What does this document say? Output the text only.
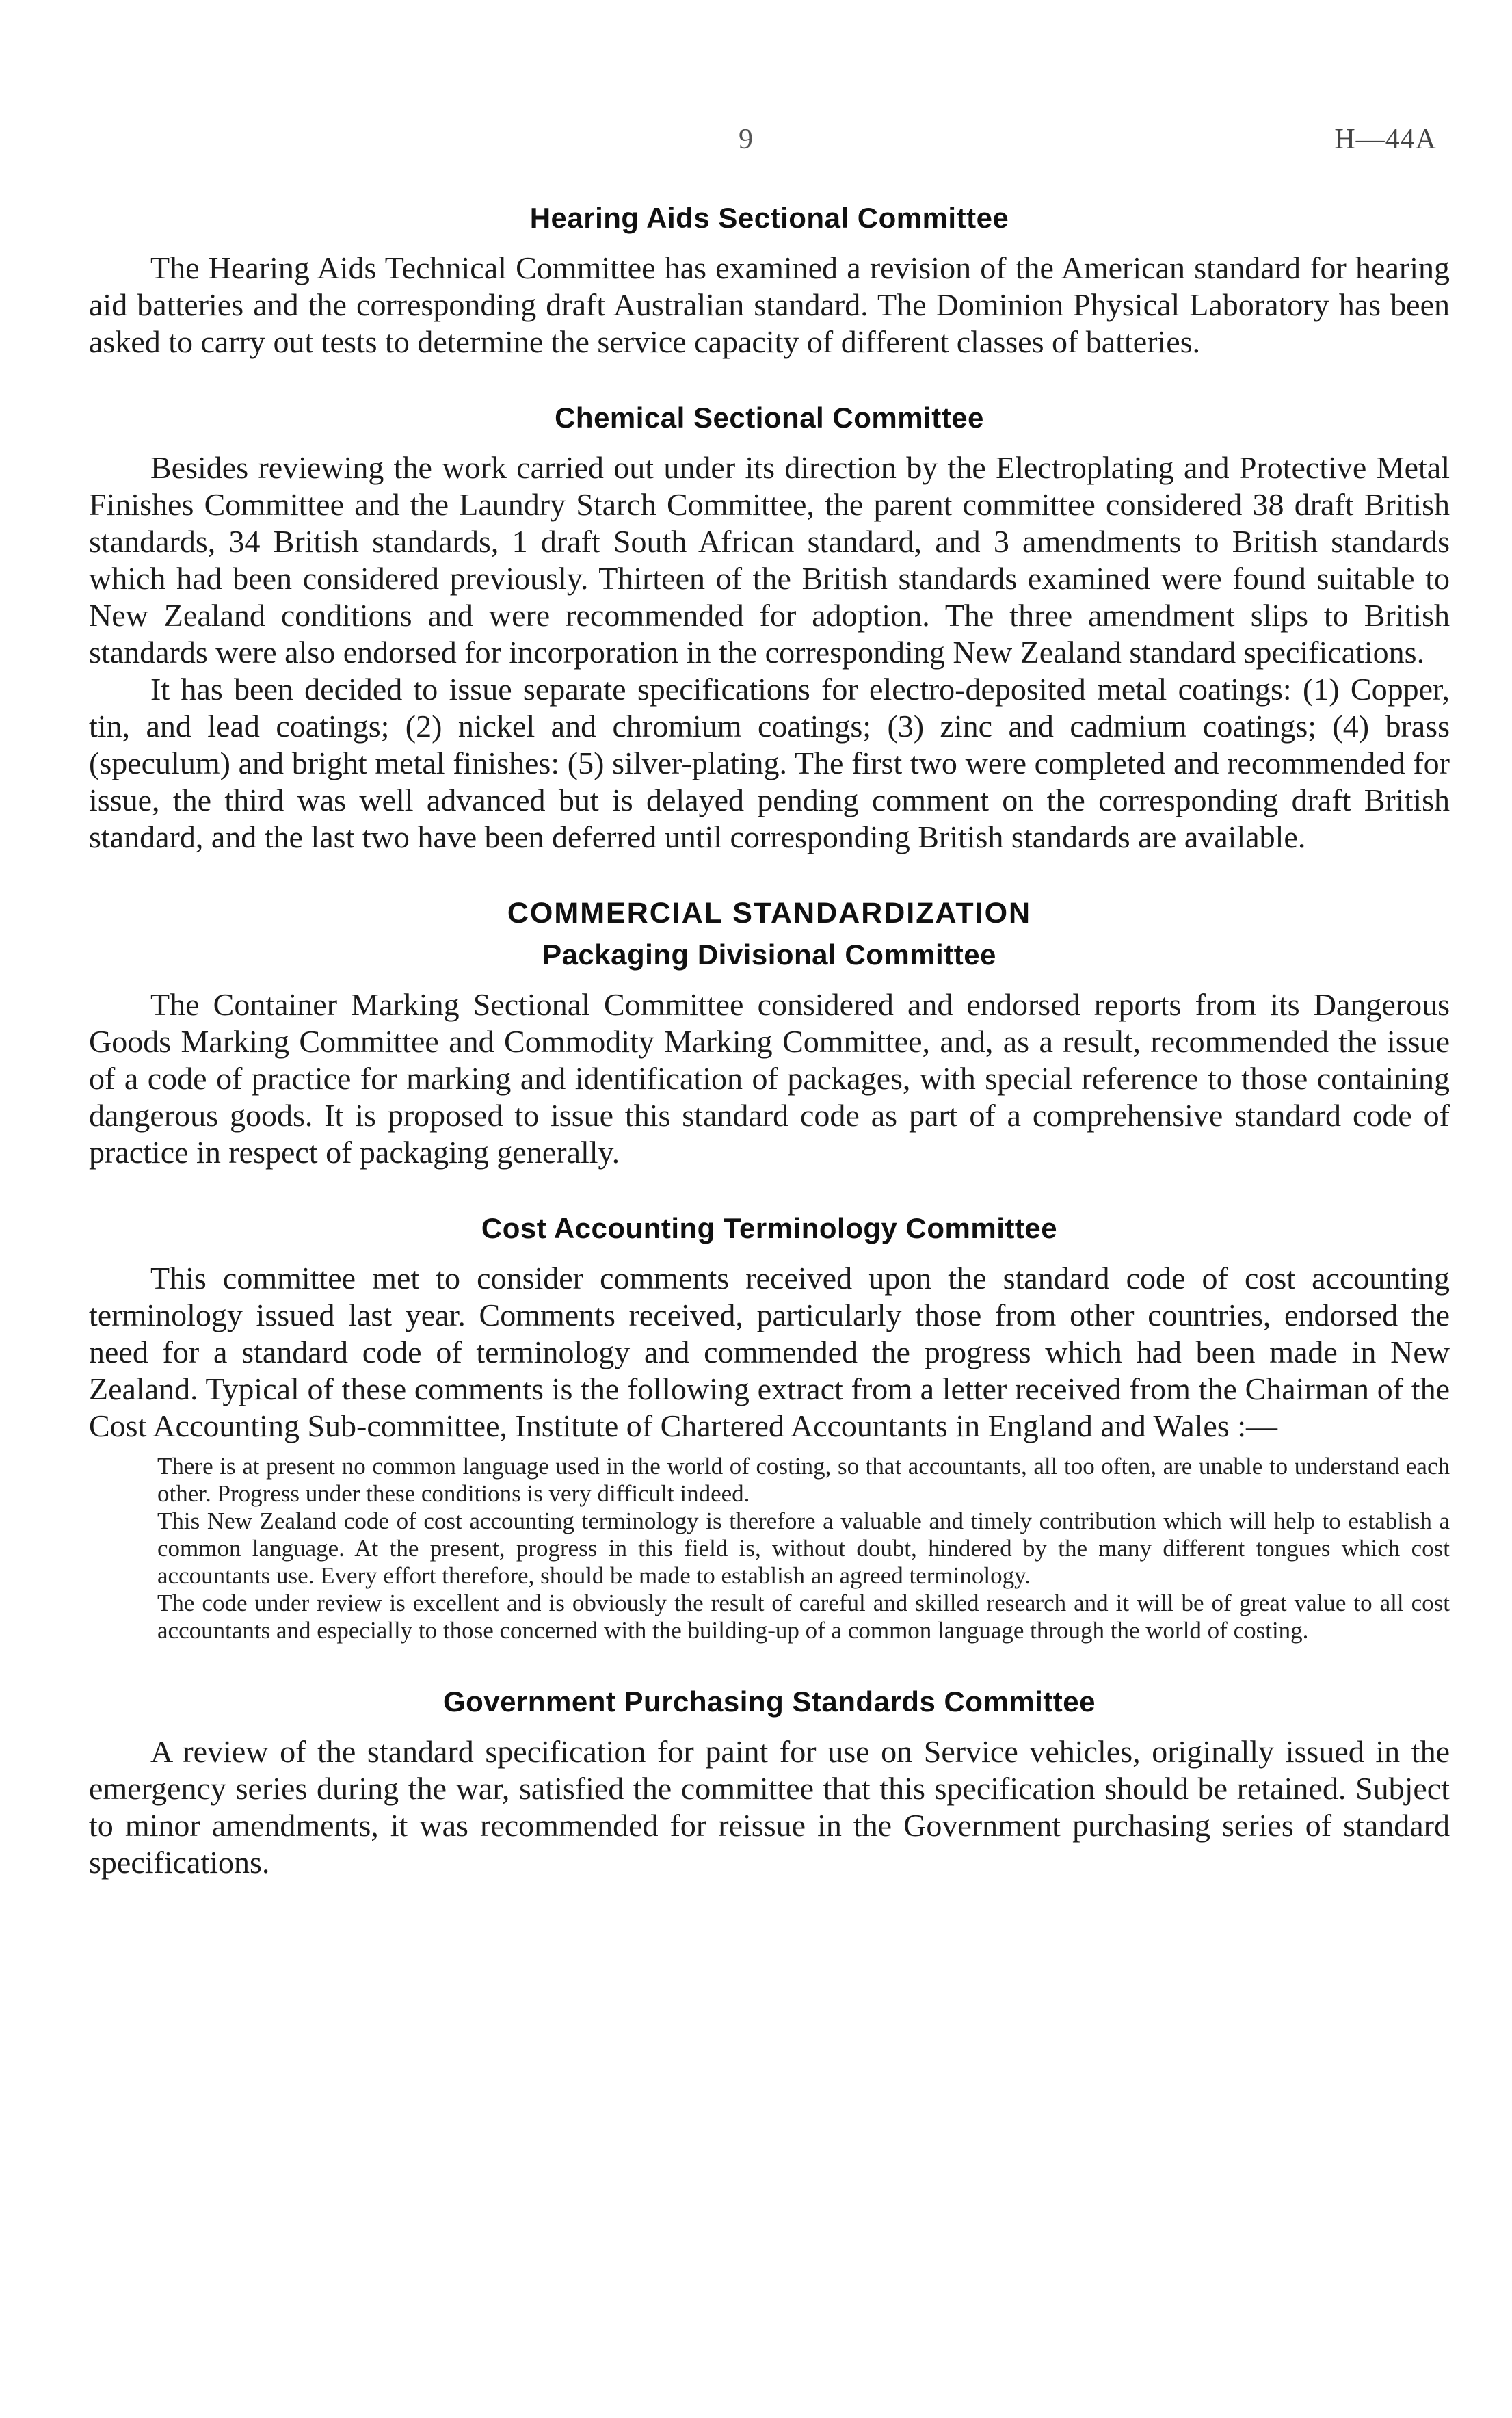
9	H—44A
Hearing Aids Sectional Committee

The Hearing Aids Technical Committee has examined a revision of the American standard for hearing aid batteries and the corresponding draft Australian standard. The Dominion Physical Laboratory has been asked to carry out tests to determine the service capacity of different classes of batteries.

Chemical Sectional Committee

Besides reviewing the work carried out under its direction by the Electroplating and Protective Metal Finishes Committee and the Laundry Starch Committee, the parent committee considered 38 draft British standards, 34 British standards, 1 draft South African standard, and 3 amendments to British standards which had been considered previously. Thirteen of the British standards examined were found suitable to New Zealand conditions and were recommended for adoption. The three amendment slips to British standards were also endorsed for incorporation in the corresponding New Zealand standard specifications.

It has been decided to issue separate specifications for electro-deposited metal coatings: (1) Copper, tin, and lead coatings; (2) nickel and chromium coatings; (3) zinc and cadmium coatings; (4) brass (speculum) and bright metal finishes: (5) silver-plating. The first two were completed and recommended for issue, the third was well advanced but is delayed pending comment on the corresponding draft British standard, and the last two have been deferred until corresponding British standards are available.

COMMERCIAL STANDARDIZATION
Packaging Divisional Committee

The Container Marking Sectional Committee considered and endorsed reports from its Dangerous Goods Marking Committee and Commodity Marking Committee, and, as a result, recommended the issue of a code of practice for marking and identification of packages, with special reference to those containing dangerous goods. It is proposed to issue this standard code as part of a comprehensive standard code of practice in respect of packaging generally.

Cost Accounting Terminology Committee

This committee met to consider comments received upon the standard code of cost accounting terminology issued last year. Comments received, particularly those from other countries, endorsed the need for a standard code of terminology and commended the progress which had been made in New Zealand. Typical of these comments is the following extract from a letter received from the Chairman of the Cost Accounting Sub-committee, Institute of Chartered Accountants in England and Wales :—

There is at present no common language used in the world of costing, so that accountants, all too often, are unable to understand each other. Progress under these conditions is very difficult indeed.

This New Zealand code of cost accounting terminology is therefore a valuable and timely contribution which will help to establish a common language. At the present, progress in this field is, without doubt, hindered by the many different tongues which cost accountants use. Every effort therefore, should be made to establish an agreed terminology.

The code under review is excellent and is obviously the result of careful and skilled research and it will be of great value to all cost accountants and especially to those concerned with the building-up of a common language through the world of costing.

Government Purchasing Standards Committee

A review of the standard specification for paint for use on Service vehicles, originally issued in the emergency series during the war, satisfied the committee that this specification should be retained. Subject to minor amendments, it was recommended for reissue in the Government purchasing series of standard specifications.
